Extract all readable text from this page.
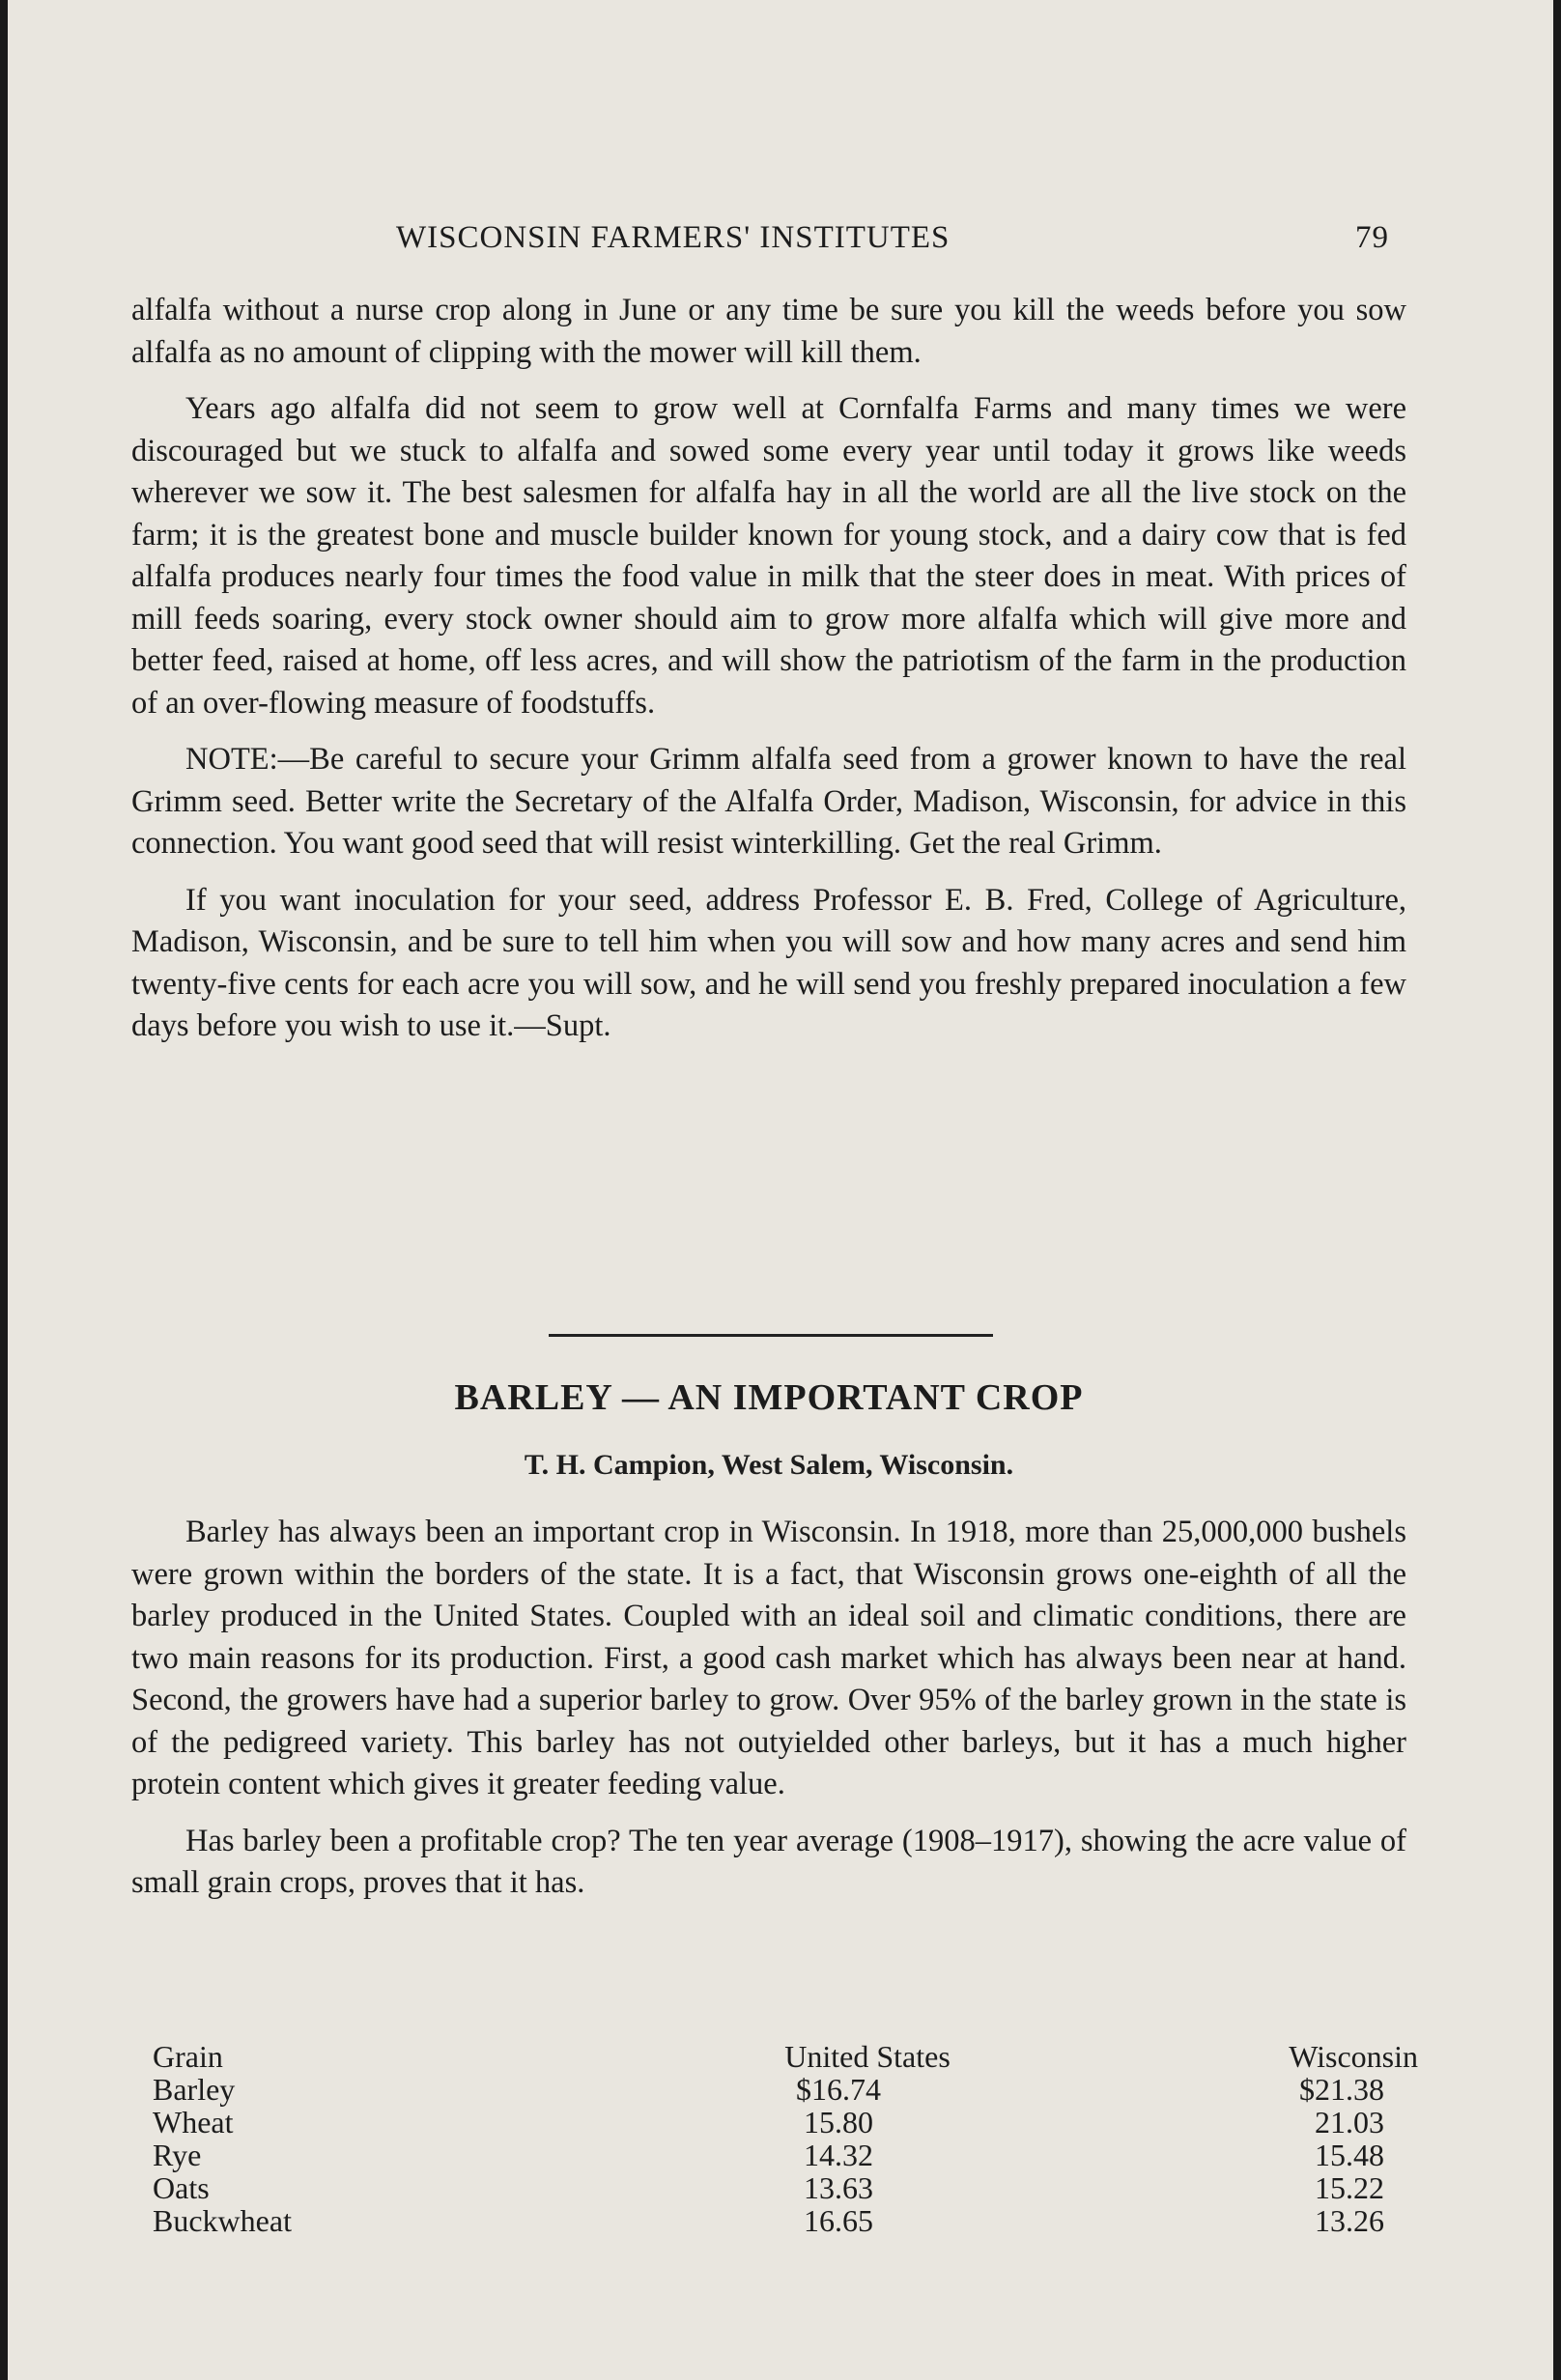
WISCONSIN FARMERS' INSTITUTES	79

alfalfa without a nurse crop along in June or any time be sure you kill the weeds before you sow alfalfa as no amount of clipping with the mower will kill them.

Years ago alfalfa did not seem to grow well at Cornfalfa Farms and many times we were discouraged but we stuck to alfalfa and sowed some every year until today it grows like weeds wherever we sow it. The best salesmen for alfalfa hay in all the world are all the live stock on the farm; it is the greatest bone and muscle builder known for young stock, and a dairy cow that is fed alfalfa produces nearly four times the food value in milk that the steer does in meat. With prices of mill feeds soaring, every stock owner should aim to grow more alfalfa which will give more and better feed, raised at home, off less acres, and will show the patriotism of the farm in the production of an over-flowing measure of foodstuffs.

NOTE:—Be careful to secure your Grimm alfalfa seed from a grower known to have the real Grimm seed. Better write the Secretary of the Alfalfa Order, Madison, Wisconsin, for advice in this connection. You want good seed that will resist winterkilling. Get the real Grimm.

If you want inoculation for your seed, address Professor E. B. Fred, College of Agriculture, Madison, Wisconsin, and be sure to tell him when you will sow and how many acres and send him twenty-five cents for each acre you will sow, and he will send you freshly prepared inoculation a few days before you wish to use it.—Supt.

BARLEY — AN IMPORTANT CROP
T. H. Campion, West Salem, Wisconsin.

Barley has always been an important crop in Wisconsin. In 1918, more than 25,000,000 bushels were grown within the borders of the state. It is a fact, that Wisconsin grows one-eighth of all the barley produced in the United States. Coupled with an ideal soil and climatic conditions, there are two main reasons for its production. First, a good cash market which has always been near at hand. Second, the growers have had a superior barley to grow. Over 95% of the barley grown in the state is of the pedigreed variety. This barley has not outyielded other barleys, but it has a much higher protein content which gives it greater feeding value.

Has barley been a profitable crop? The ten year average (1908–1917), showing the acre value of small grain crops, proves that it has.

Grain	United States	Wisconsin
Barley	$16.74	$21.38
Wheat	15.80	21.03
Rye	14.32	15.48
Oats	13.63	15.22
Buckwheat	16.65	13.26
